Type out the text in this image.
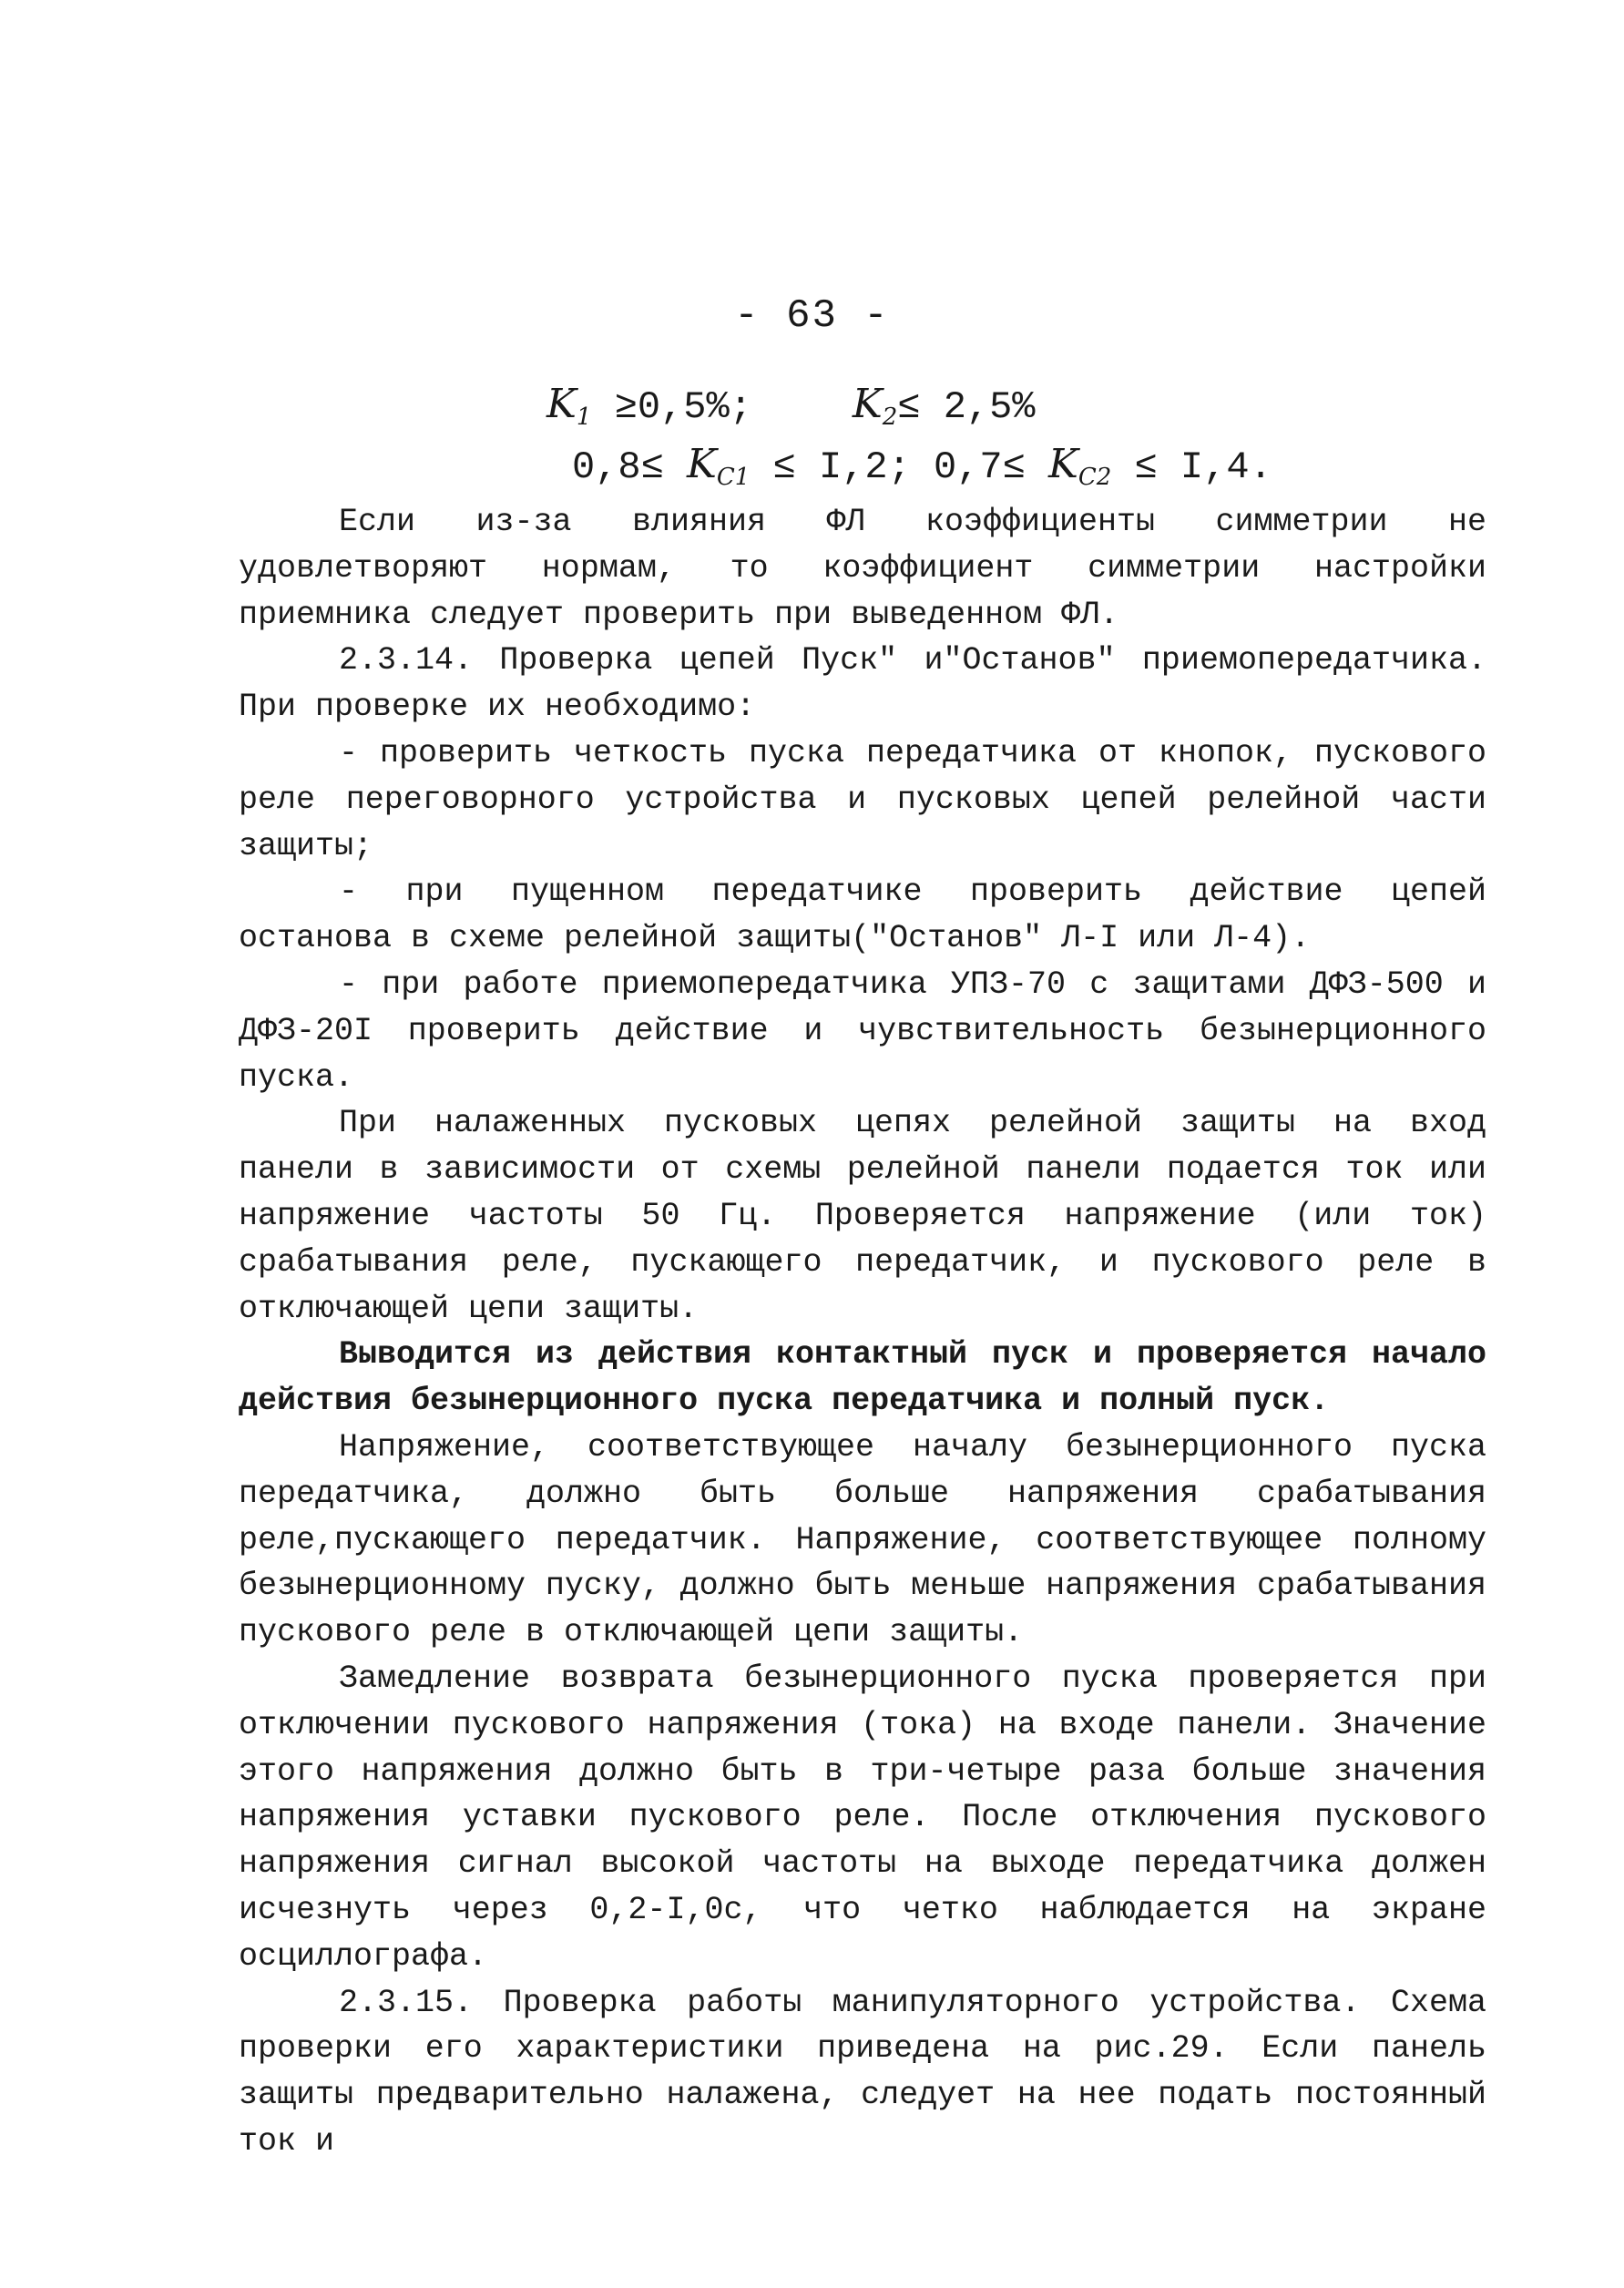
- 63 -
$K_1 \ge 0,5\%$;	$K_2\le 2,5\%$
$0,8\le K_{C1} \le I,2$; $0,7\le K_{C2} \le I,4$.

Если из-за влияния ФЛ коэффициенты симметрии не удовлетворяют нормам, то коэффициент симметрии настройки приемника следует проверить при выведенном ФЛ.

2.3.14. Проверка цепей Пуск" и"Останов" приемопередатчика. При проверке их необходимо:

- проверить четкость пуска передатчика от кнопок, пускового реле переговорного устройства и пусковых цепей релейной части защиты;

- при пущенном передатчике проверить действие цепей останова в схеме релейной защиты("Останов" Л-I или Л-4).

- при работе приемопередатчика УПЗ-70 с защитами ДФЗ-500 и ДФЗ-20I проверить действие и чувствительность безынерционного пуска.

При налаженных пусковых цепях релейной защиты на вход панели в зависимости от схемы релейной панели подается ток или напряжение частоты 50 Гц. Проверяется напряжение (или ток) срабатывания реле, пускающего передатчик, и пускового реле в отключающей цепи защиты.

Выводится из действия контактный пуск и проверяется начало действия безынерционного пуска передатчика и полный пуск.

Напряжение, соответствующее началу безынерционного пуска передатчика, должно быть больше напряжения срабатывания реле,пускающего передатчик. Напряжение, соответствующее полному безынерционному пуску, должно быть меньше напряжения срабатывания пускового реле в отключающей цепи защиты.

Замедление возврата безынерционного пуска проверяется при отключении пускового напряжения (тока) на входе панели. Значение этого напряжения должно быть в три-четыре раза больше значения напряжения уставки пускового реле. После отключения пускового напряжения сигнал высокой частоты на выходе передатчика должен исчезнуть через 0,2-I,0с, что четко наблюдается на экране осциллографа.

2.3.15. Проверка работы манипуляторного устройства. Схема проверки его характеристики приведена на рис.29. Если панель защиты предварительно налажена, следует на нее подать постоянный ток и
